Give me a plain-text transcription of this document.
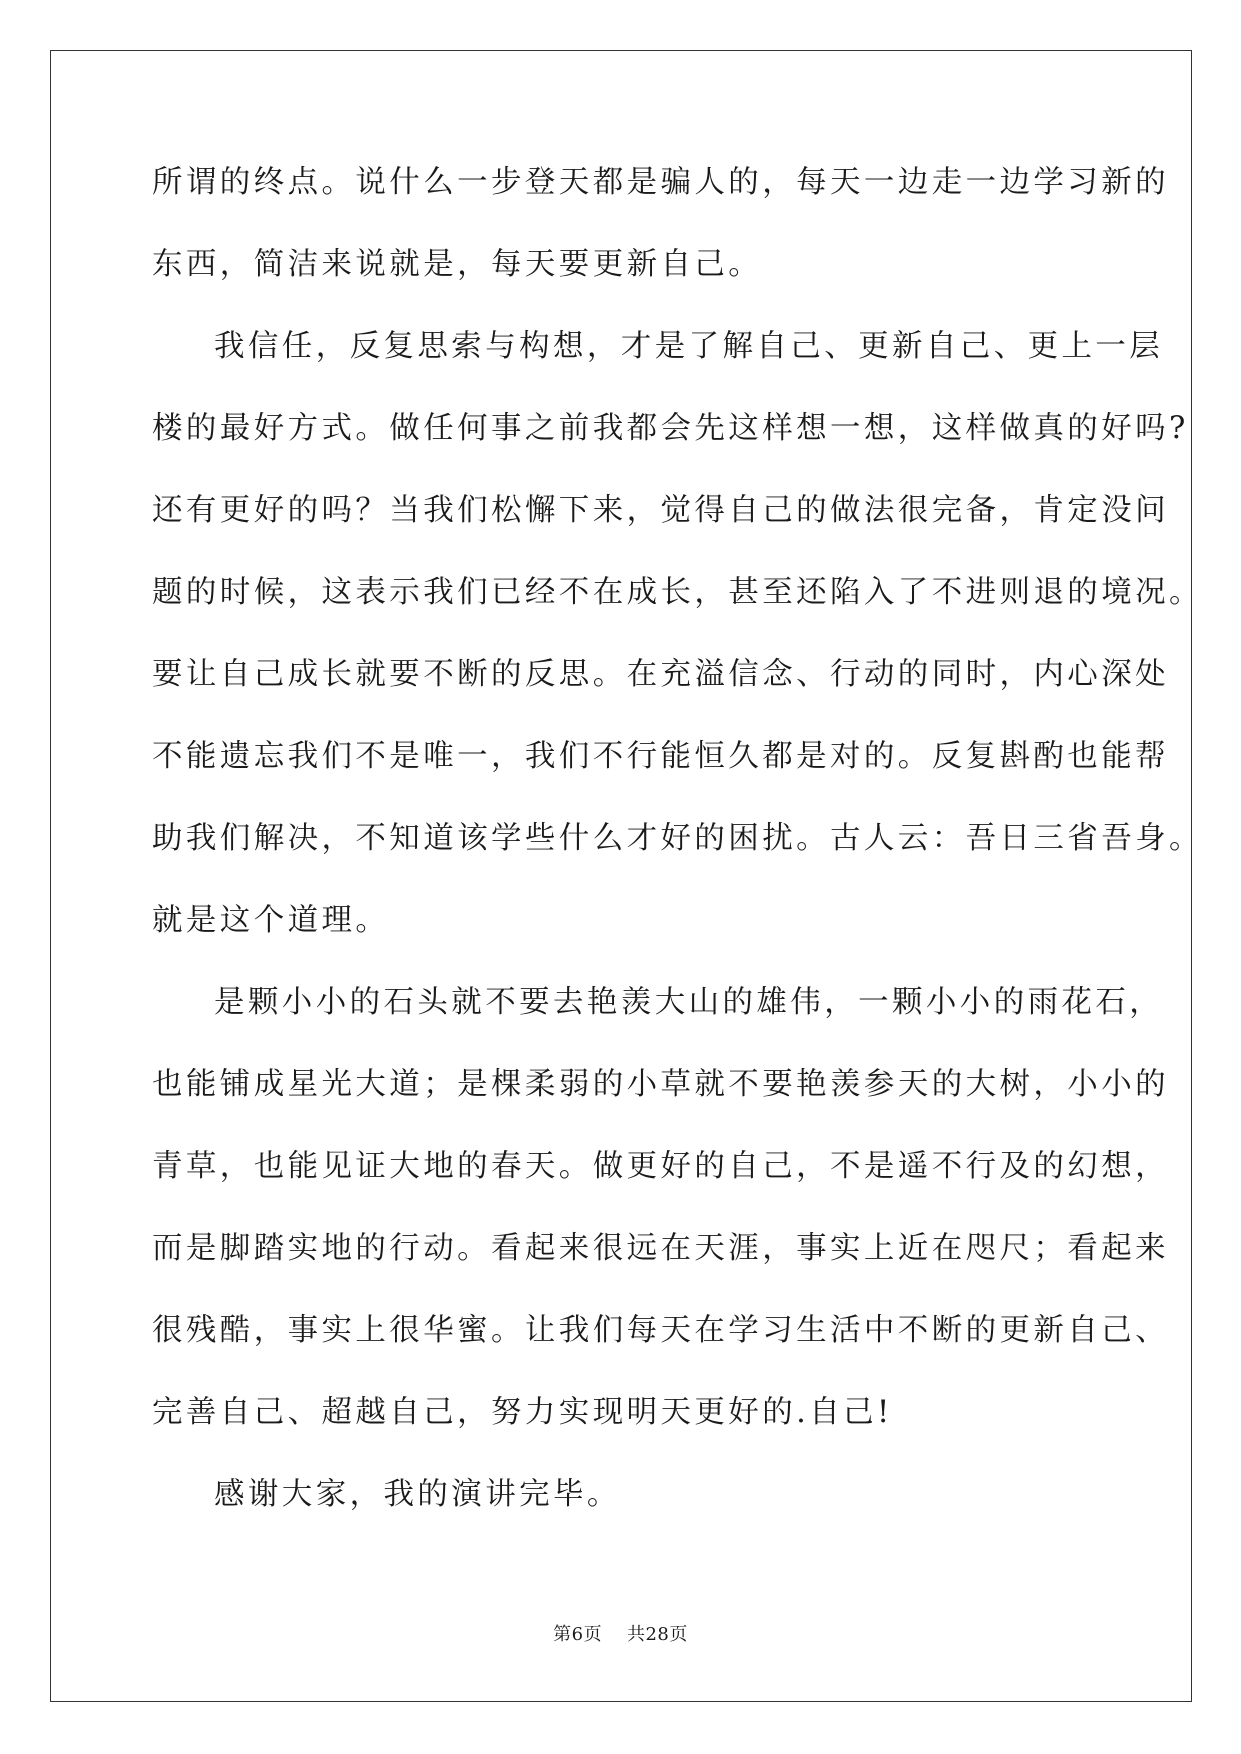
所谓的终点。说什么一步登天都是骗人的，每天一边走一边学习新的
东西，简洁来说就是，每天要更新自己。
我信任，反复思索与构想，才是了解自己、更新自己、更上一层
楼的最好方式。做任何事之前我都会先这样想一想，这样做真的好吗?
还有更好的吗？当我们松懈下来，觉得自己的做法很完备，肯定没问
题的时候，这表示我们已经不在成长，甚至还陷入了不进则退的境况。
要让自己成长就要不断的反思。在充溢信念、行动的同时，内心深处
不能遗忘我们不是唯一，我们不行能恒久都是对的。反复斟酌也能帮
助我们解决，不知道该学些什么才好的困扰。古人云：吾日三省吾身。
就是这个道理。
是颗小小的石头就不要去艳羡大山的雄伟，一颗小小的雨花石，
也能铺成星光大道；是棵柔弱的小草就不要艳羡参天的大树，小小的
青草，也能见证大地的春天。做更好的自己，不是遥不行及的幻想，
而是脚踏实地的行动。看起来很远在天涯，事实上近在咫尺；看起来
很残酷，事实上很华蜜。让我们每天在学习生活中不断的更新自己、
完善自己、超越自己，努力实现明天更好的.自己!
感谢大家，我的演讲完毕。
第6页    共28页
